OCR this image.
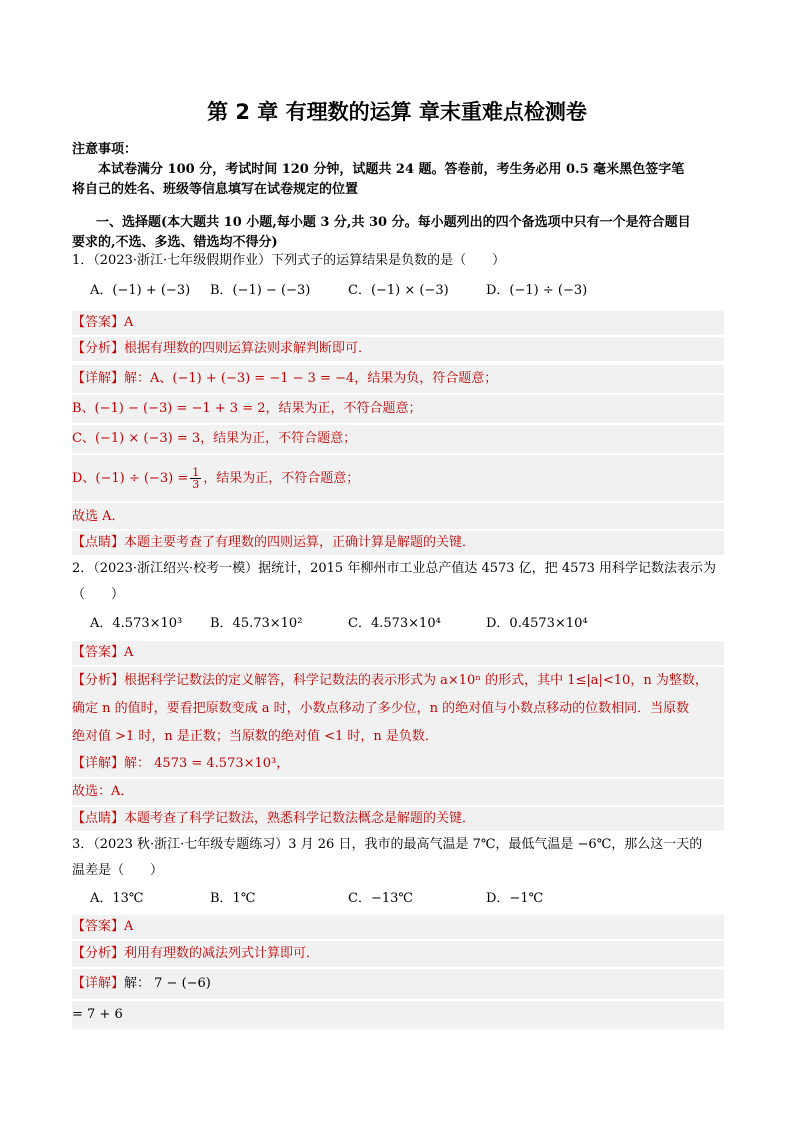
第 2 章 有理数的运算 章末重难点检测卷
注意事项：
本试卷满分 100 分，考试时间 120 分钟，试题共 24 题。答卷前，考生务必用 0.5 毫米黑色签字笔
将自己的姓名、班级等信息填写在试卷规定的位置
一、选择题(本大题共 10 小题,每小题 3 分,共 30 分。每小题列出的四个备选项中只有一个是符合题目
要求的,不选、多选、错选均不得分)
1．（2023·浙江·七年级假期作业）下列式子的运算结果是负数的是（　　）
A．(−1) + (−3) B．(−1) − (−3)	C．(−1) × (−3)	D．(−1) ÷ (−3)
【答案】A
【分析】根据有理数的四则运算法则求解判断即可．
【详解】解：A、(−1) + (−3) = −1 − 3 = −4，结果为负，符合题意；
B、(−1) − (−3) = −1 + 3 = 2，结果为正，不符合题意；
C、(−1) × (−3) = 3，结果为正，不符合题意；
D、$(-1) \div (-3) = \frac{1}{3}$ ，结果为正，不符合题意；
故选 A．
【点睛】本题主要考查了有理数的四则运算，正确计算是解题的关键．
2．（2023·浙江绍兴·校考一模）据统计，2015 年柳州市工业总产值达 4573 亿，把 4573 用科学记数法表示为
（　　）
A．4.573×10³ B．45.73×10²	C．4.573×10⁴	D．0.4573×10⁴
【答案】A
【分析】根据科学记数法的定义解答，科学记数法的表示形式为 a×10ⁿ 的形式，其中 1≤|a|<10，n 为整数，
确定 n 的值时，要看把原数变成 a 时，小数点移动了多少位，n 的绝对值与小数点移动的位数相同．当原数
绝对值 >1 时，n 是正数；当原数的绝对值 <1 时，n 是负数．
【详解】解： 4573 = 4.573×10³，
故选：A．
【点睛】本题考查了科学记数法，熟悉科学记数法概念是解题的关键．
3．（2023 秋·浙江·七年级专题练习）3 月 26 日，我市的最高气温是 7℃，最低气温是 −6℃，那么这一天的
温差是（　　）
A．13℃	B．1℃	C．−13℃	D．−1℃
【答案】A
【分析】利用有理数的减法列式计算即可．
【详解】解： 7 − (−6)
= 7 + 6
